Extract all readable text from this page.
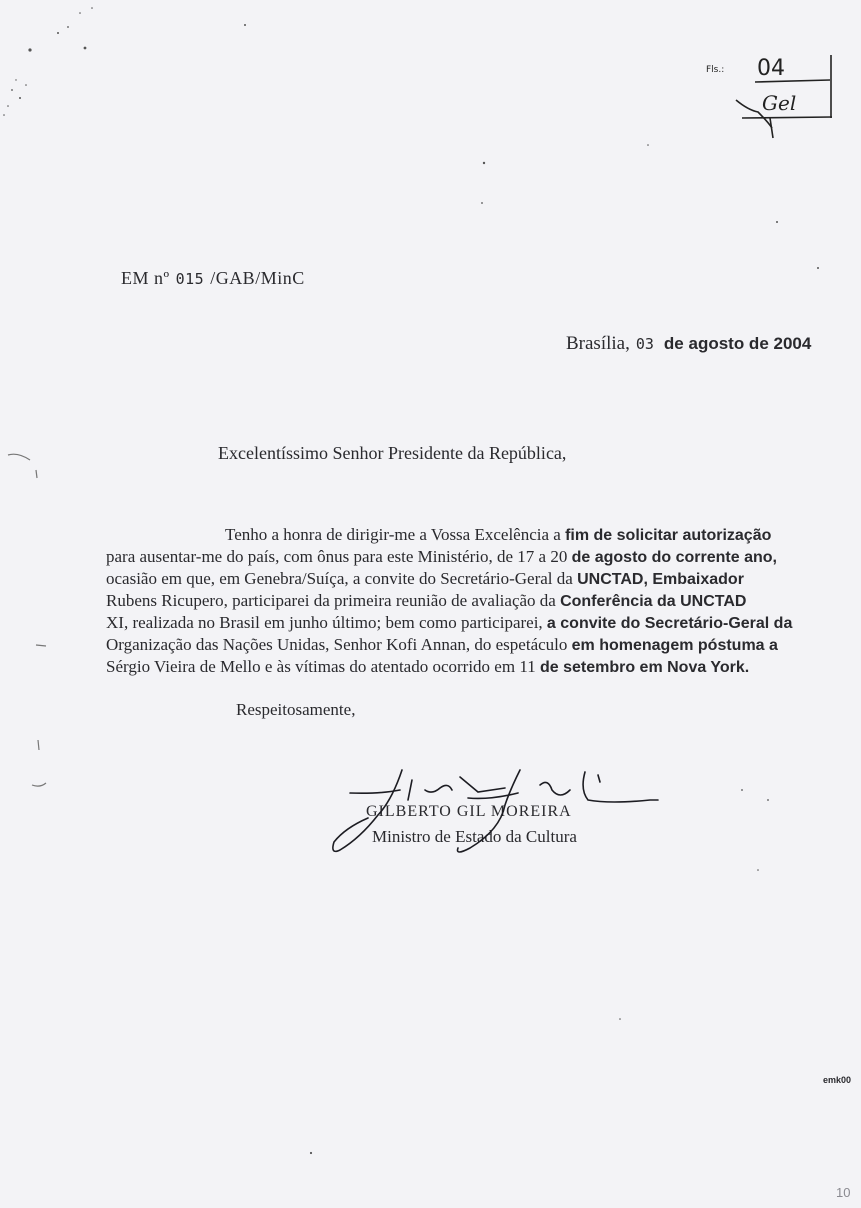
EM nº 015 /GAB/MinC
Brasília, 03 de agosto de 2004
Excelentíssimo Senhor Presidente da República,
Tenho a honra de dirigir-me a Vossa Excelência a fim de solicitar autorização
para ausentar-me do país, com ônus para este Ministério, de 17 a 20 de agosto do corrente ano,
ocasião em que, em Genebra/Suíça, a convite do Secretário-Geral da UNCTAD, Embaixador
Rubens Ricupero, participarei da primeira reunião de avaliação da Conferência da UNCTAD
XI, realizada no Brasil em junho último; bem como participarei, a convite do Secretário-Geral da
Organização das Nações Unidas, Senhor Kofi Annan, do espetáculo em homenagem póstuma a
Sérgio Vieira de Mello e às vítimas do atentado ocorrido em 11 de setembro em Nova York.
Respeitosamente,
GILBERTO GIL MOREIRA
Ministro de Estado da Cultura
emk00
10
Fls.: 04
Gel
